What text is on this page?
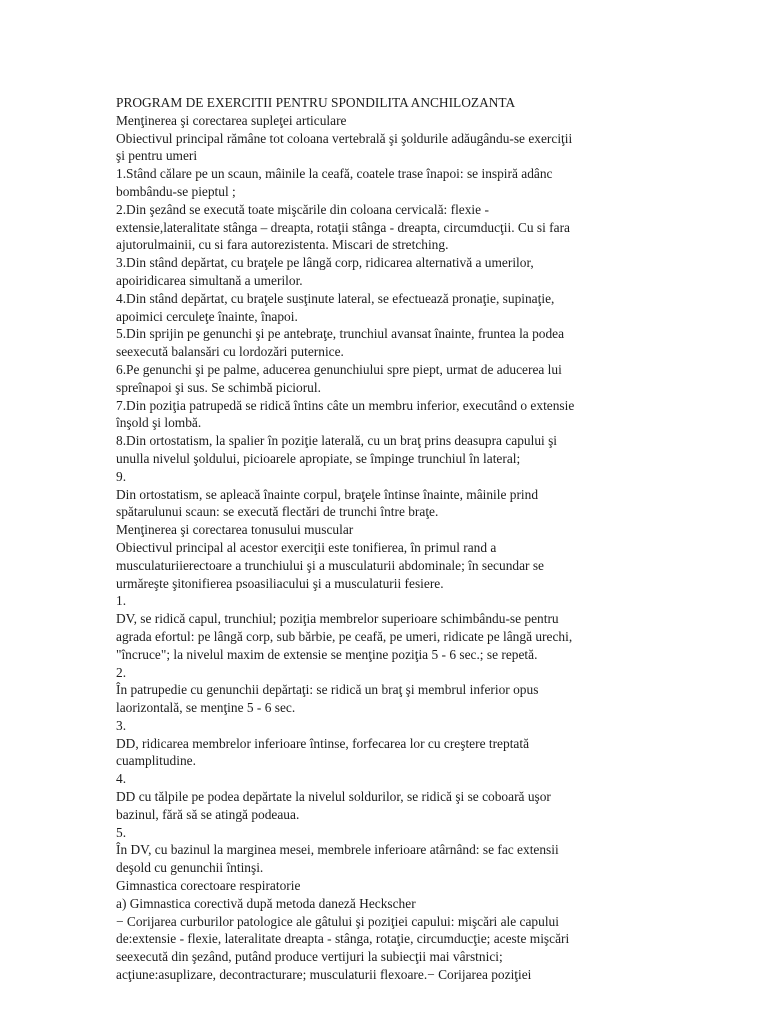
PROGRAM DE EXERCITII PENTRU SPONDILITA ANCHILOZANTA
Menţinerea şi corectarea supleţei articulare
Obiectivul principal rămâne tot coloana vertebrală şi şoldurile adăugându-se exerciţii
şi pentru umeri
1.Stând călare pe un scaun, mâinile la ceafă, coatele trase înapoi: se inspiră adânc
bombându-se pieptul ;
2.Din şezând se execută toate mişcările din coloana cervicală: flexie -
extensie,lateralitate stânga – dreapta, rotaţii stânga - dreapta, circumducţii. Cu si fara
ajutorulmainii, cu si fara autorezistenta. Miscari de stretching.
3.Din stând depărtat, cu braţele pe lângă corp, ridicarea alternativă a umerilor,
apoiridicarea simultană a umerilor.
4.Din stând depărtat, cu braţele susţinute lateral, se efectuează pronaţie, supinaţie,
apoimici cerculeţe înainte, înapoi.
5.Din sprijin pe genunchi şi pe antebraţe, trunchiul avansat înainte, fruntea la podea
seexecută balansări cu lordozări puternice.
6.Pe genunchi şi pe palme, aducerea genunchiului spre piept, urmat de aducerea lui
spreînapoi şi sus. Se schimbă piciorul.
7.Din poziţia patrupedă se ridică întins câte un membru inferior, executând o extensie
înşold şi lombă.
8.Din ortostatism, la spalier în poziţie laterală, cu un braţ prins deasupra capului şi
unulla nivelul şoldului, picioarele apropiate, se împinge trunchiul în lateral;
9.
Din ortostatism, se apleacă înainte corpul, braţele întinse înainte, mâinile prind
spătarulunui scaun: se execută flectări de trunchi între braţe.
Menţinerea şi corectarea tonusului muscular
Obiectivul principal al acestor exerciţii este tonifierea, în primul rand a
musculaturiierectoare a trunchiului şi a musculaturii abdominale; în secundar se
urmăreşte şitonifierea psoasiliacului şi a musculaturii fesiere.
1.
DV, se ridică capul, trunchiul; poziţia membrelor superioare schimbându-se pentru
agrada efortul: pe lângă corp, sub bărbie, pe ceafă, pe umeri, ridicate pe lângă urechi,
"încruce"; la nivelul maxim de extensie se menţine poziţia 5 - 6 sec.; se repetă.
2.
În patrupedie cu genunchii depărtaţi: se ridică un braţ şi membrul inferior opus
laorizontală, se menţine 5 - 6 sec.
3.
DD, ridicarea membrelor inferioare întinse, forfecarea lor cu creştere treptată
cuamplitudine.
4.
DD cu tălpile pe podea depărtate la nivelul soldurilor, se ridică şi se coboară uşor
bazinul, fără să se atingă podeaua.
5.
În DV, cu bazinul la marginea mesei, membrele inferioare atârnând: se fac extensii
deşold cu genunchii întinşi.
Gimnastica corectoare respiratorie
a) Gimnastica corectivă după metoda daneză Heckscher
− Corijarea curburilor patologice ale gâtului şi poziţiei capului: mişcări ale capului
de:extensie - flexie, lateralitate dreapta - stânga, rotaţie, circumducţie; aceste mişcări
seexecută din şezând, putând produce vertijuri la subiecţii mai vârstnici;
acţiune:asuplizare, decontracturare; musculaturii flexoare.− Corijarea poziţiei
